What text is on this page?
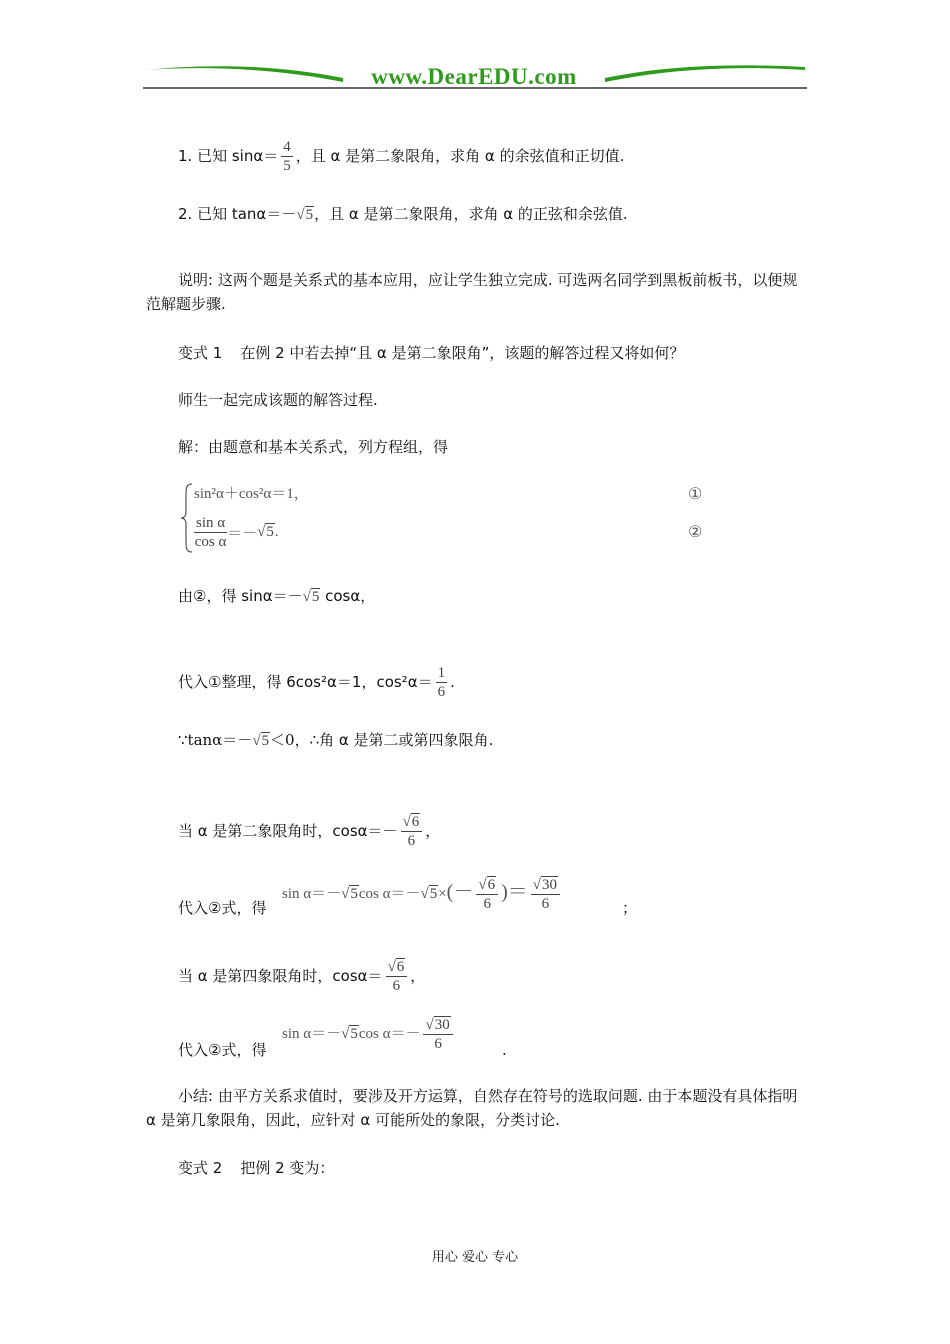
www.DearEDU.com
1. 已知 $\sin\alpha= \frac{4}{5}$ ，且 α 是第二象限角，求角 α 的余弦值和正切值.
2. 已知 tanα＝－√5，且 α 是第二象限角，求角 α 的正弦和余弦值.
说明: 这两个题是关系式的基本应用，应让学生独立完成. 可选两名同学到黑板前板书，以便规范解题步骤.
变式 1 在例 2 中若去掉“且 α 是第二象限角”，该题的解答过程又将如何？
师生一起完成该题的解答过程.
解：由题意和基本关系式，列方程组，得
sin²α＋cos²α＝1，
$\frac{\text{sin α}}{\text{cos α}} =-√5$.
①
②
由②，得 sinα＝－√5 cosα，
代入①整理，得 6cos²α＝1，$\cos^2\alpha= \frac{1}{6}$ .
∵tanα＝－√5＜0，∴角 α 是第二或第四象限角.
当 α 是第二象限角时，$\cos\alpha=- \frac{√6}{6}$ ，
代入②式，得
sin α＝－√5cos $\alpha=-√5\times(- \frac{√6}{6}$ )＝ $\frac{√30}{6}$	；
当 α 是第四象限角时，$\cos\alpha= \frac{√6}{6}$ ，
代入②式，得
sin α＝－√5cos $\alpha=- \frac{√30}{6}$	.
小结: 由平方关系求值时，要涉及开方运算，自然存在符号的选取问题. 由于本题没有具体指明 α 是第几象限角，因此，应针对 α 可能所处的象限，分类讨论.
变式 2 把例 2 变为：
用心 爱心 专心
